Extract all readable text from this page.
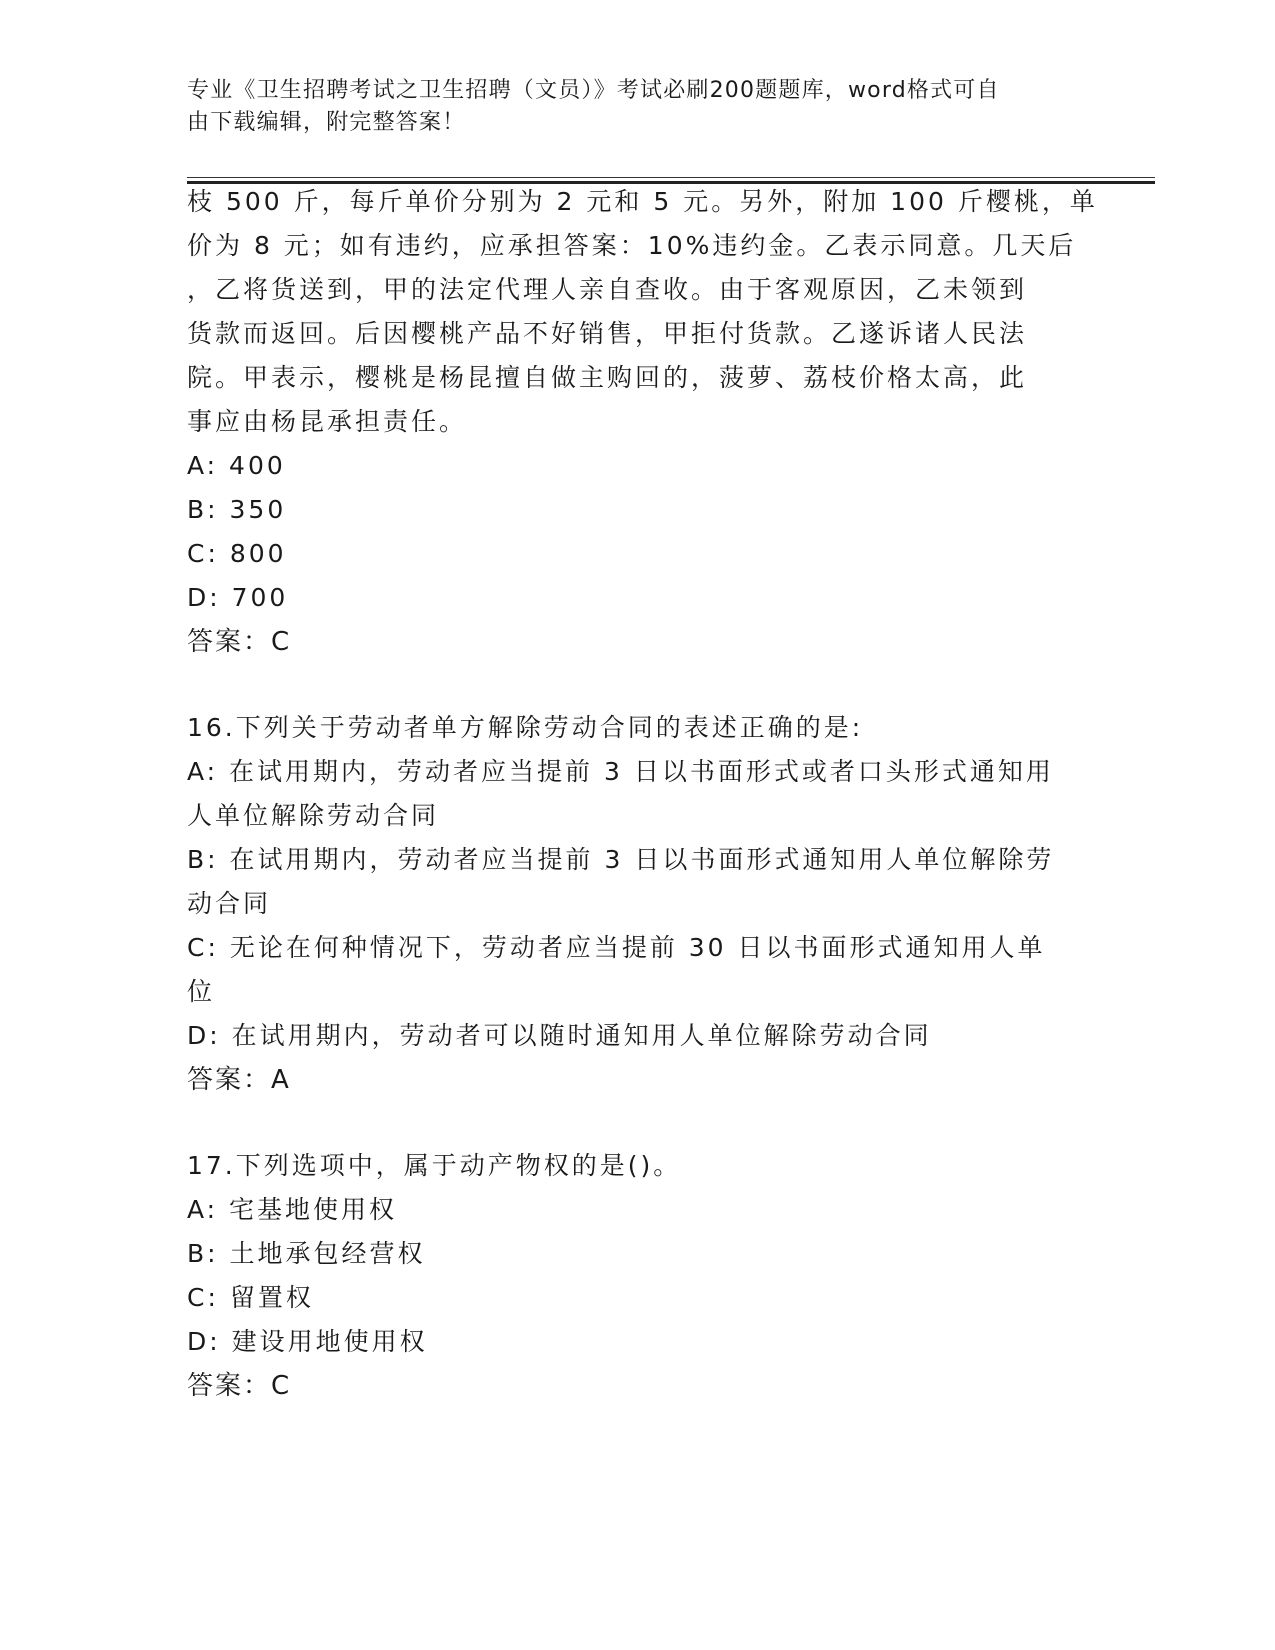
专业《卫生招聘考试之卫生招聘（文员）》考试必刷200题题库，word格式可自
由下载编辑，附完整答案！
枝 500 斤，每斤单价分别为 2 元和 5 元。另外，附加 100 斤樱桃，单
价为 8 元；如有违约，应承担答案：10%违约金。乙表示同意。几天后
，乙将货送到，甲的法定代理人亲自查收。由于客观原因，乙未领到
货款而返回。后因樱桃产品不好销售，甲拒付货款。乙遂诉诸人民法
院。甲表示，樱桃是杨昆擅自做主购回的，菠萝、荔枝价格太高，此
事应由杨昆承担责任。
A: 400
B: 350
C: 800
D: 700
答案：C
16.下列关于劳动者单方解除劳动合同的表述正确的是:
A: 在试用期内，劳动者应当提前 3 日以书面形式或者口头形式通知用
人单位解除劳动合同
B: 在试用期内，劳动者应当提前 3 日以书面形式通知用人单位解除劳
动合同
C: 无论在何种情况下，劳动者应当提前 30 日以书面形式通知用人单
位
D: 在试用期内，劳动者可以随时通知用人单位解除劳动合同
答案：A
17.下列选项中，属于动产物权的是()。
A: 宅基地使用权
B: 土地承包经营权
C: 留置权
D: 建设用地使用权
答案：C
